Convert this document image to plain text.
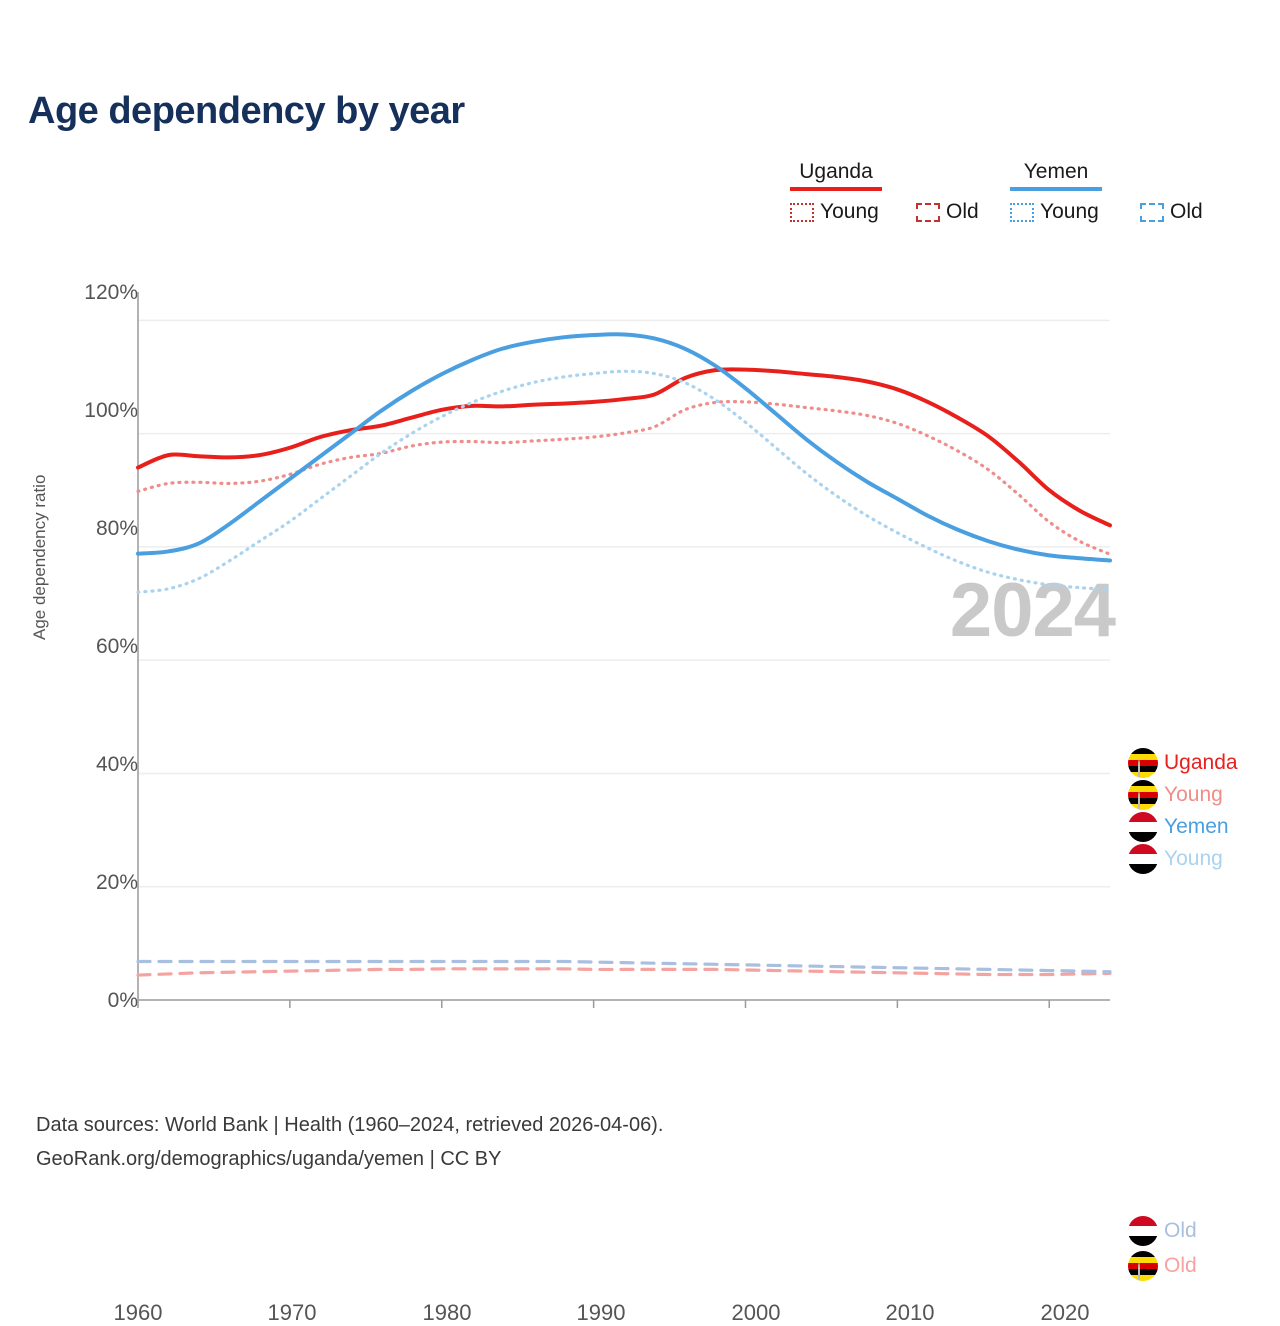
Age dependency by year
Uganda	Yemen
Young	Old	Young	Old
Age dependency ratio
120%
100%
80%
60%
40%
20%
0%
1960	1970	1980	1990	2000	2010	2020
2024
Uganda
Young
Yemen
Young
Old
Old
Data sources: World Bank | Health (1960–2024, retrieved 2026-04-06).
GeoRank.org/demographics/uganda/yemen | CC BY
